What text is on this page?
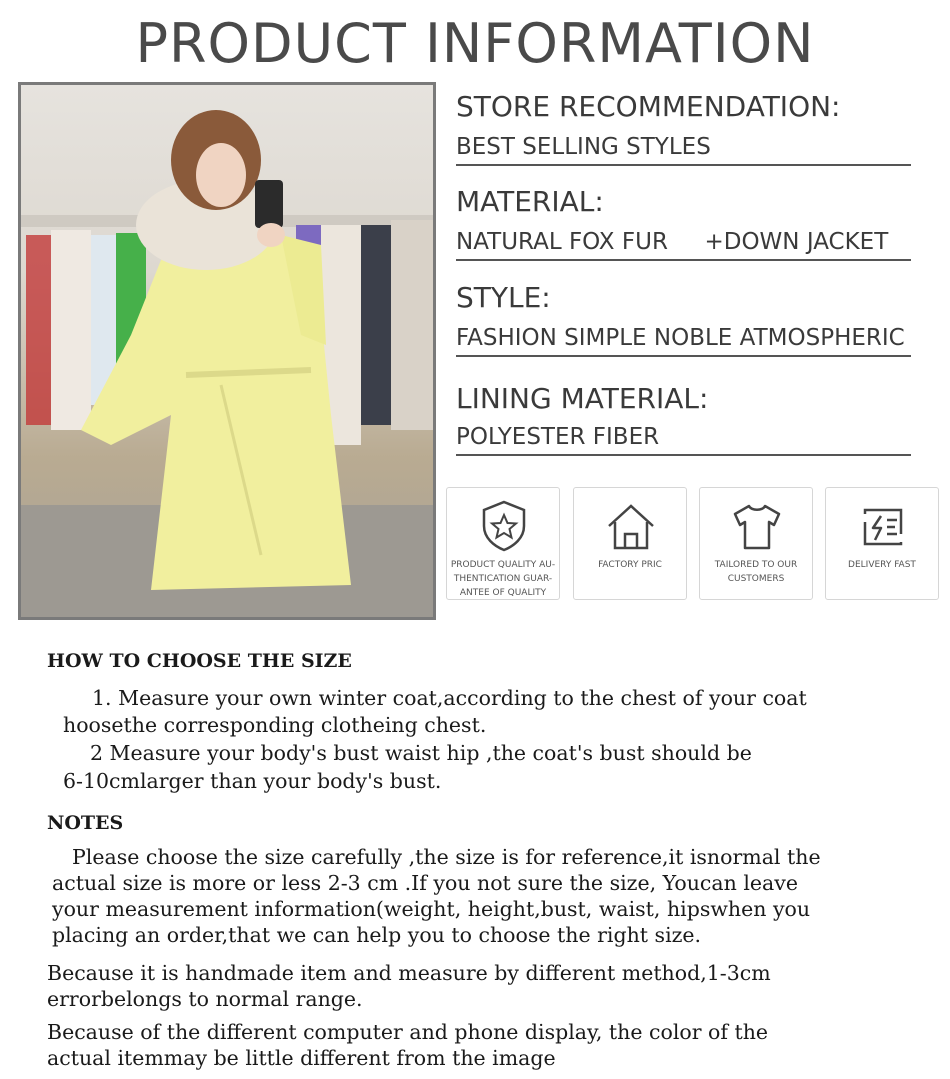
PRODUCT INFORMATION
STORE RECOMMENDATION:
BEST SELLING STYLES
MATERIAL:
NATURAL FOX FUR     +DOWN JACKET
STYLE:
FASHION SIMPLE NOBLE ATMOSPHERIC
LINING MATERIAL:
POLYESTER FIBER
PRODUCT QUALITY AU-
THENTICATION GUAR-
ANTEE OF QUALITY
FACTORY PRIC	TAILORED TO OUR
CUSTOMERS
DELIVERY FAST
HOW TO CHOOSE THE SIZE
1. Measure your own winter coat,according to the chest of your coat
hoosethe corresponding clotheing chest.
2 Measure your body's bust waist hip ,the coat's bust should be
6-10cmlarger than your body's bust.
NOTES
Please choose the size carefully ,the size is for reference,it isnormal the
actual size is more or less 2-3 cm .If you not sure the size, Youcan leave
your measurement information(weight, height,bust, waist, hipswhen you
placing an order,that we can help you to choose the right size.
Because it is handmade item and measure by different method,1-3cm
errorbelongs to normal range.
Because of the different computer and phone display, the color of the
actual itemmay be little different from the image
